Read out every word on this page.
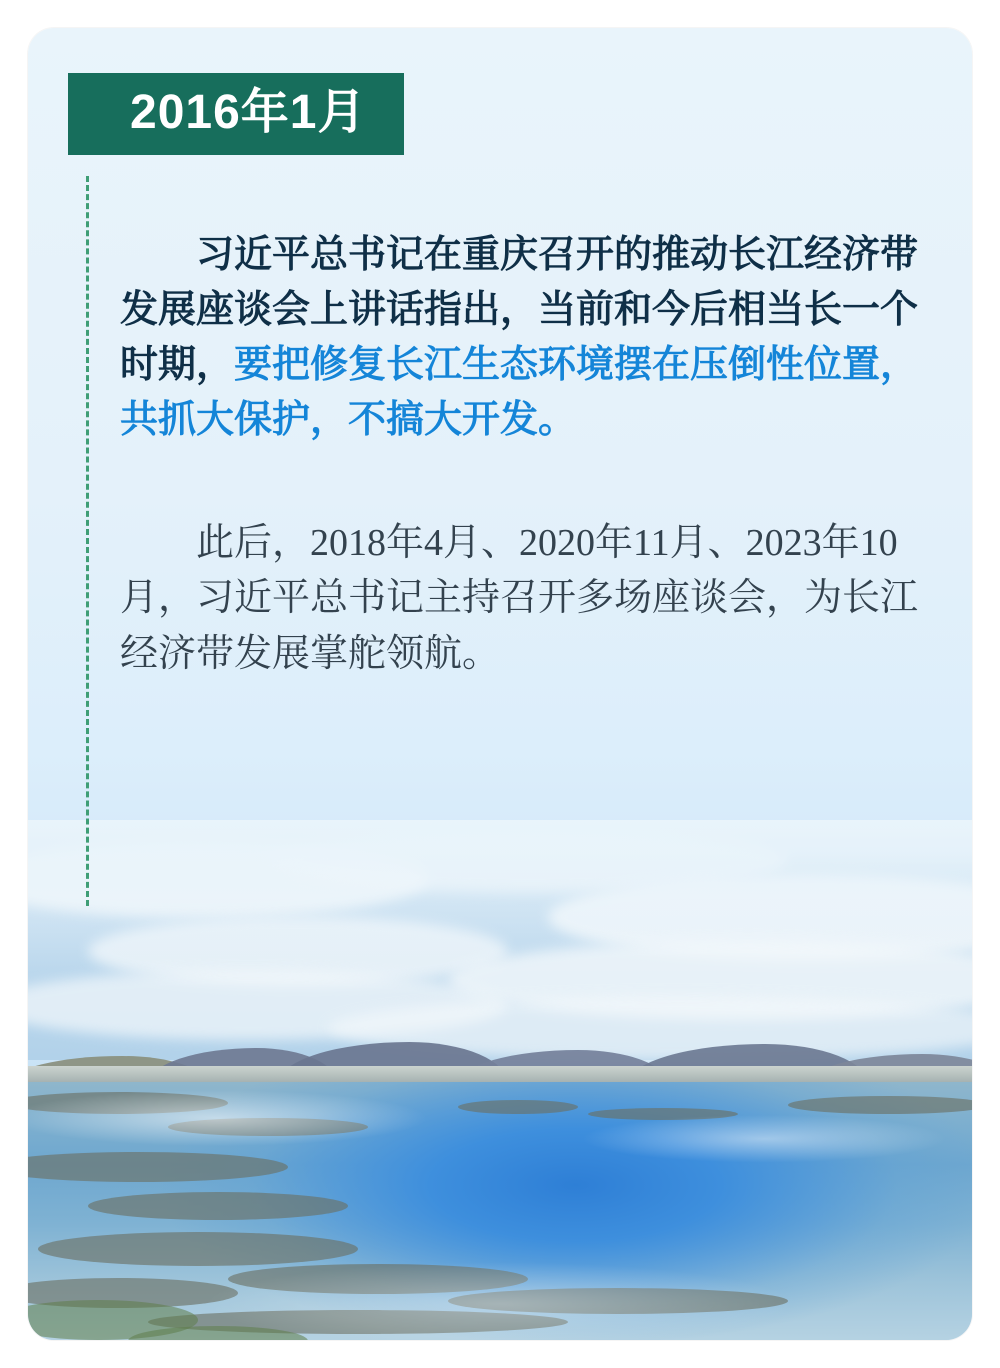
2016年1月

习近平总书记在重庆召开的推动长江经济带发展座谈会上讲话指出，当前和今后相当长一个时期，要把修复长江生态环境摆在压倒性位置，共抓大保护，不搞大开发。

此后，2018年4月、2020年11月、2023年10月，习近平总书记主持召开多场座谈会，为长江经济带发展掌舵领航。
